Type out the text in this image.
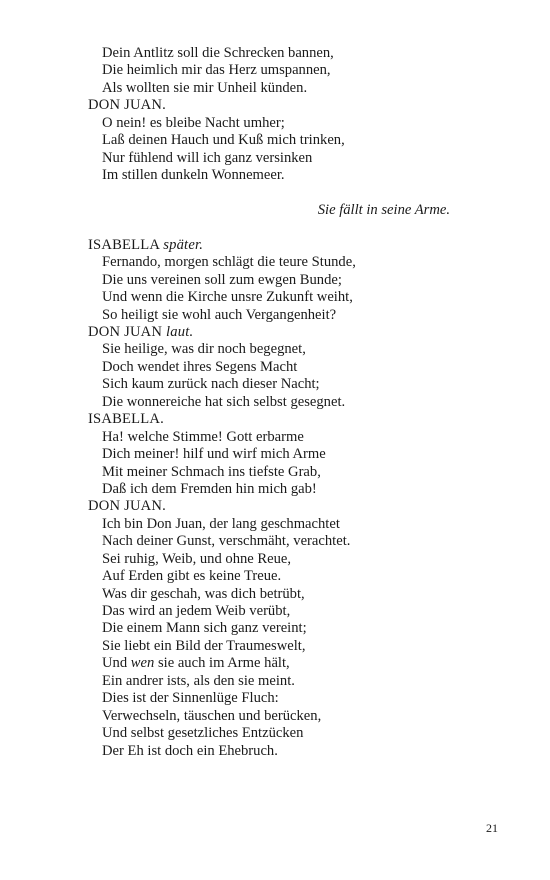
Dein Antlitz soll die Schrecken bannen,
Die heimlich mir das Herz umspannen,
Als wollten sie mir Unheil künden.
DON JUAN.
O nein! es bleibe Nacht umher;
Laß deinen Hauch und Kuß mich trinken,
Nur fühlend will ich ganz versinken
Im stillen dunkeln Wonnemeer.
Sie fällt in seine Arme.
ISABELLA später.
Fernando, morgen schlägt die teure Stunde,
Die uns vereinen soll zum ewgen Bunde;
Und wenn die Kirche unsre Zukunft weiht,
So heiligt sie wohl auch Vergangenheit?
DON JUAN laut.
Sie heilige, was dir noch begegnet,
Doch wendet ihres Segens Macht
Sich kaum zurück nach dieser Nacht;
Die wonnereiche hat sich selbst gesegnet.
ISABELLA.
Ha! welche Stimme! Gott erbarme
Dich meiner! hilf und wirf mich Arme
Mit meiner Schmach ins tiefste Grab,
Daß ich dem Fremden hin mich gab!
DON JUAN.
Ich bin Don Juan, der lang geschmachtet
Nach deiner Gunst, verschmäht, verachtet.
Sei ruhig, Weib, und ohne Reue,
Auf Erden gibt es keine Treue.
Was dir geschah, was dich betrübt,
Das wird an jedem Weib verübt,
Die einem Mann sich ganz vereint;
Sie liebt ein Bild der Traumeswelt,
Und wen sie auch im Arme hält,
Ein andrer ists, als den sie meint.
Dies ist der Sinnenlüge Fluch:
Verwechseln, täuschen und berücken,
Und selbst gesetzliches Entzücken
Der Eh ist doch ein Ehebruch.
21
